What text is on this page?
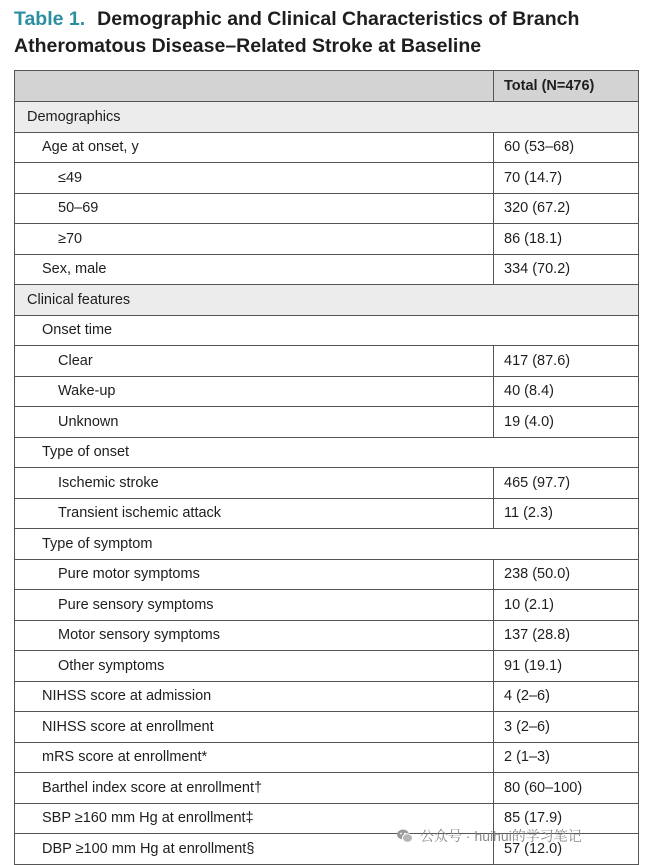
Table 1. Demographic and Clinical Characteristics of Branch Atheromatous Disease–Related Stroke at Baseline
	Total (N=476)
Demographics	
Age at onset, y	60 (53–68)
≤49	70 (14.7)
50–69	320 (67.2)
≥70	86 (18.1)
Sex, male	334 (70.2)
Clinical features	
Onset time	
Clear	417 (87.6)
Wake-up	40 (8.4)
Unknown	19 (4.0)
Type of onset	
Ischemic stroke	465 (97.7)
Transient ischemic attack	11 (2.3)
Type of symptom	
Pure motor symptoms	238 (50.0)
Pure sensory symptoms	10 (2.1)
Motor sensory symptoms	137 (28.8)
Other symptoms	91 (19.1)
NIHSS score at admission	4 (2–6)
NIHSS score at enrollment	3 (2–6)
mRS score at enrollment*	2 (1–3)
Barthel index score at enrollment†	80 (60–100)
SBP ≥160 mm Hg at enrollment‡	85 (17.9)
DBP ≥100 mm Hg at enrollment§	57 (12.0)
公众号 · huihui的学习笔记
